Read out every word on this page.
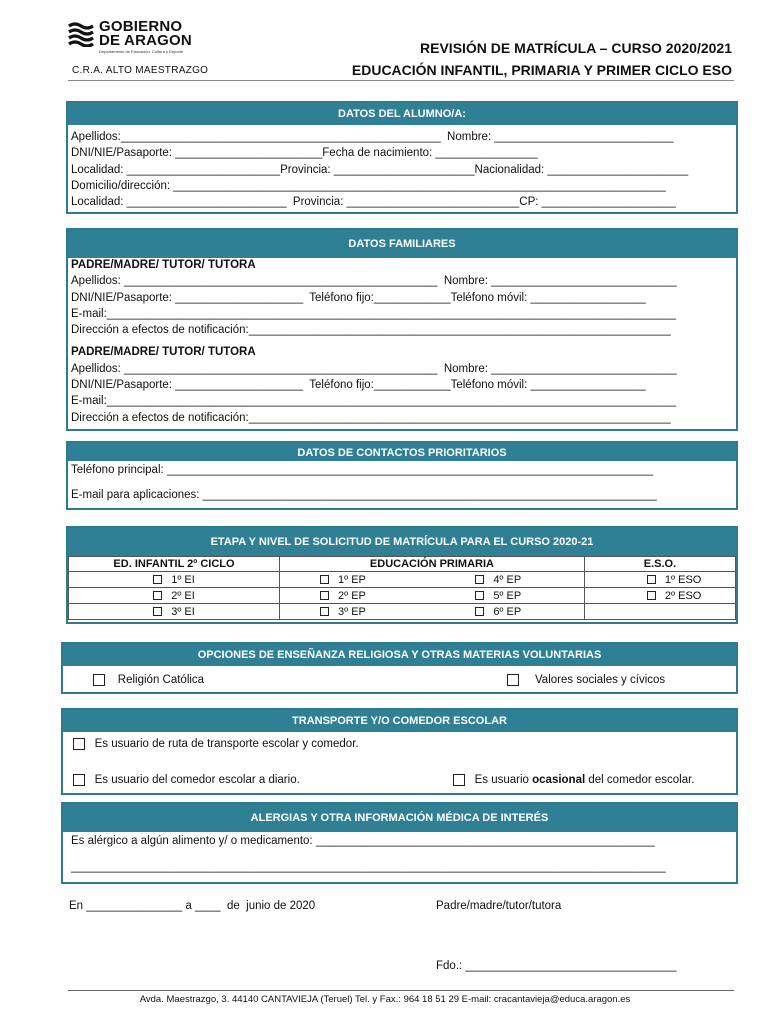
GOBIERNO
DE ARAGON
Departamento de Educación, Cultura y Deporte
C.R.A. ALTO MAESTRAZGO
REVISIÓN DE MATRÍCULA – CURSO 2020/2021
EDUCACIÓN INFANTIL, PRIMARIA Y PRIMER CICLO ESO
DATOS DEL ALUMNO/A:
Apellidos:__________________________________________________  Nombre: ____________________________
DNI/NIE/Pasaporte: _______________________Fecha de nacimiento: ________________
Localidad: ________________________Provincia: ______________________Nacionalidad: ______________________
Domicilio/dirección: _____________________________________________________________________________
Localidad: _________________________  Provincia: ___________________________CP: _____________________
DATOS FAMILIARES
PADRE/MADRE/ TUTOR/ TUTORA
Apellidos: _________________________________________________  Nombre: _____________________________
DNI/NIE/Pasaporte: ____________________  Teléfono fijo:____________Teléfono móvil: __________________
E-mail:_________________________________________________________________________________________
Dirección a efectos de notificación:__________________________________________________________________
PADRE/MADRE/ TUTOR/ TUTORA
Apellidos: _________________________________________________  Nombre: _____________________________
DNI/NIE/Pasaporte: ____________________  Teléfono fijo:____________Teléfono móvil: __________________
E-mail:_________________________________________________________________________________________
Dirección a efectos de notificación:__________________________________________________________________
DATOS DE CONTACTOS PRIORITARIOS
Teléfono principal: ____________________________________________________________________________
E-mail para aplicaciones: _______________________________________________________________________
ETAPA Y NIVEL DE SOLICITUD DE MATRÍCULA PARA EL CURSO 2020-21
ED. INFANTIL 2º CICLO	EDUCACIÓN PRIMARIA		E.S.O.
1º EI	1º EP	4º EP	1º ESO
2º EI	2º EP	5º EP	2º ESO
3º EI	3º EP	6º EP	
OPCIONES DE ENSEÑANZA RELIGIOSA Y OTRAS MATERIAS VOLUNTARIAS
Religión Católica	Valores sociales y cívicos
TRANSPORTE Y/O COMEDOR ESCOLAR
Es usuario de ruta de transporte escolar y comedor.
Es usuario del comedor escolar a diario.	Es usuario ocasional del comedor escolar.
ALERGIAS Y OTRA INFORMACIÓN MÉDICA DE INTERÉS
Es alérgico a algún alimento y/ o medicamento: _____________________________________________________
_____________________________________________________________________________________________
En _______________ a ____  de  junio de 2020	Padre/madre/tutor/tutora
Fdo.: _________________________________
Avda. Maestrazgo, 3. 44140 CANTAVIEJA (Teruel) Tel. y Fax.: 964 18 51 29 E-mail: cracantavieja@educa.aragon.es
